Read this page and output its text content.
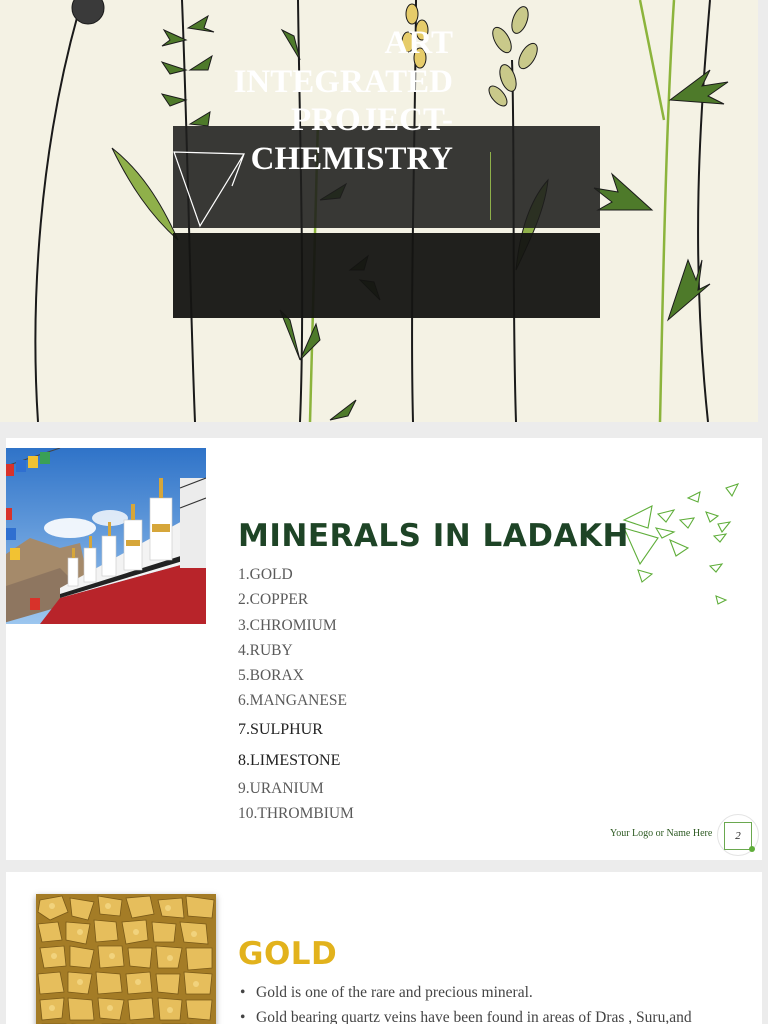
ART INTEGRATED PROJECT-CHEMISTRY
MINERALS IN LADAKH
1.GOLD
2.COPPER
3.CHROMIUM
4.RUBY
5.BORAX
6.MANGANESE
7.SULPHUR
8.LIMESTONE
9.URANIUM
10.THROMBIUM
Your Logo or Name Here	2
GOLD
• Gold is one of the rare and precious mineral.
• Gold bearing quartz veins have been found in areas of Dras , Suru,and
